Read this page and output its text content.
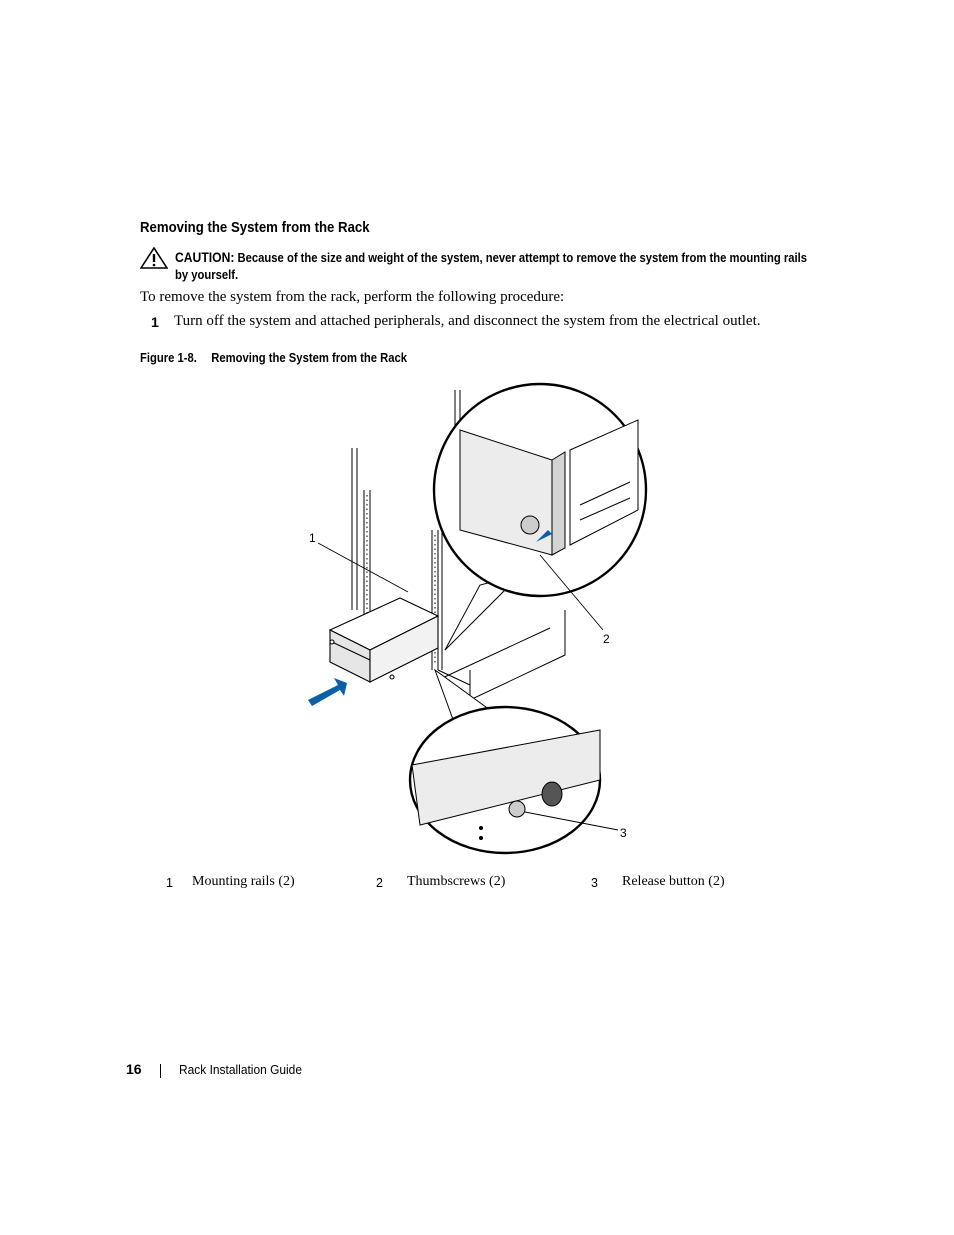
Removing the System from the Rack
CAUTION: Because of the size and weight of the system, never attempt to remove the system from the mounting rails by yourself.
To remove the system from the rack, perform the following procedure:
1 Turn off the system and attached peripherals, and disconnect the system from the electrical outlet.
Figure 1-8. Removing the System from the Rack
1
2
3
1 Mounting rails (2)	2 Thumbscrews (2)	3 Release button (2)
16	Rack Installation Guide
